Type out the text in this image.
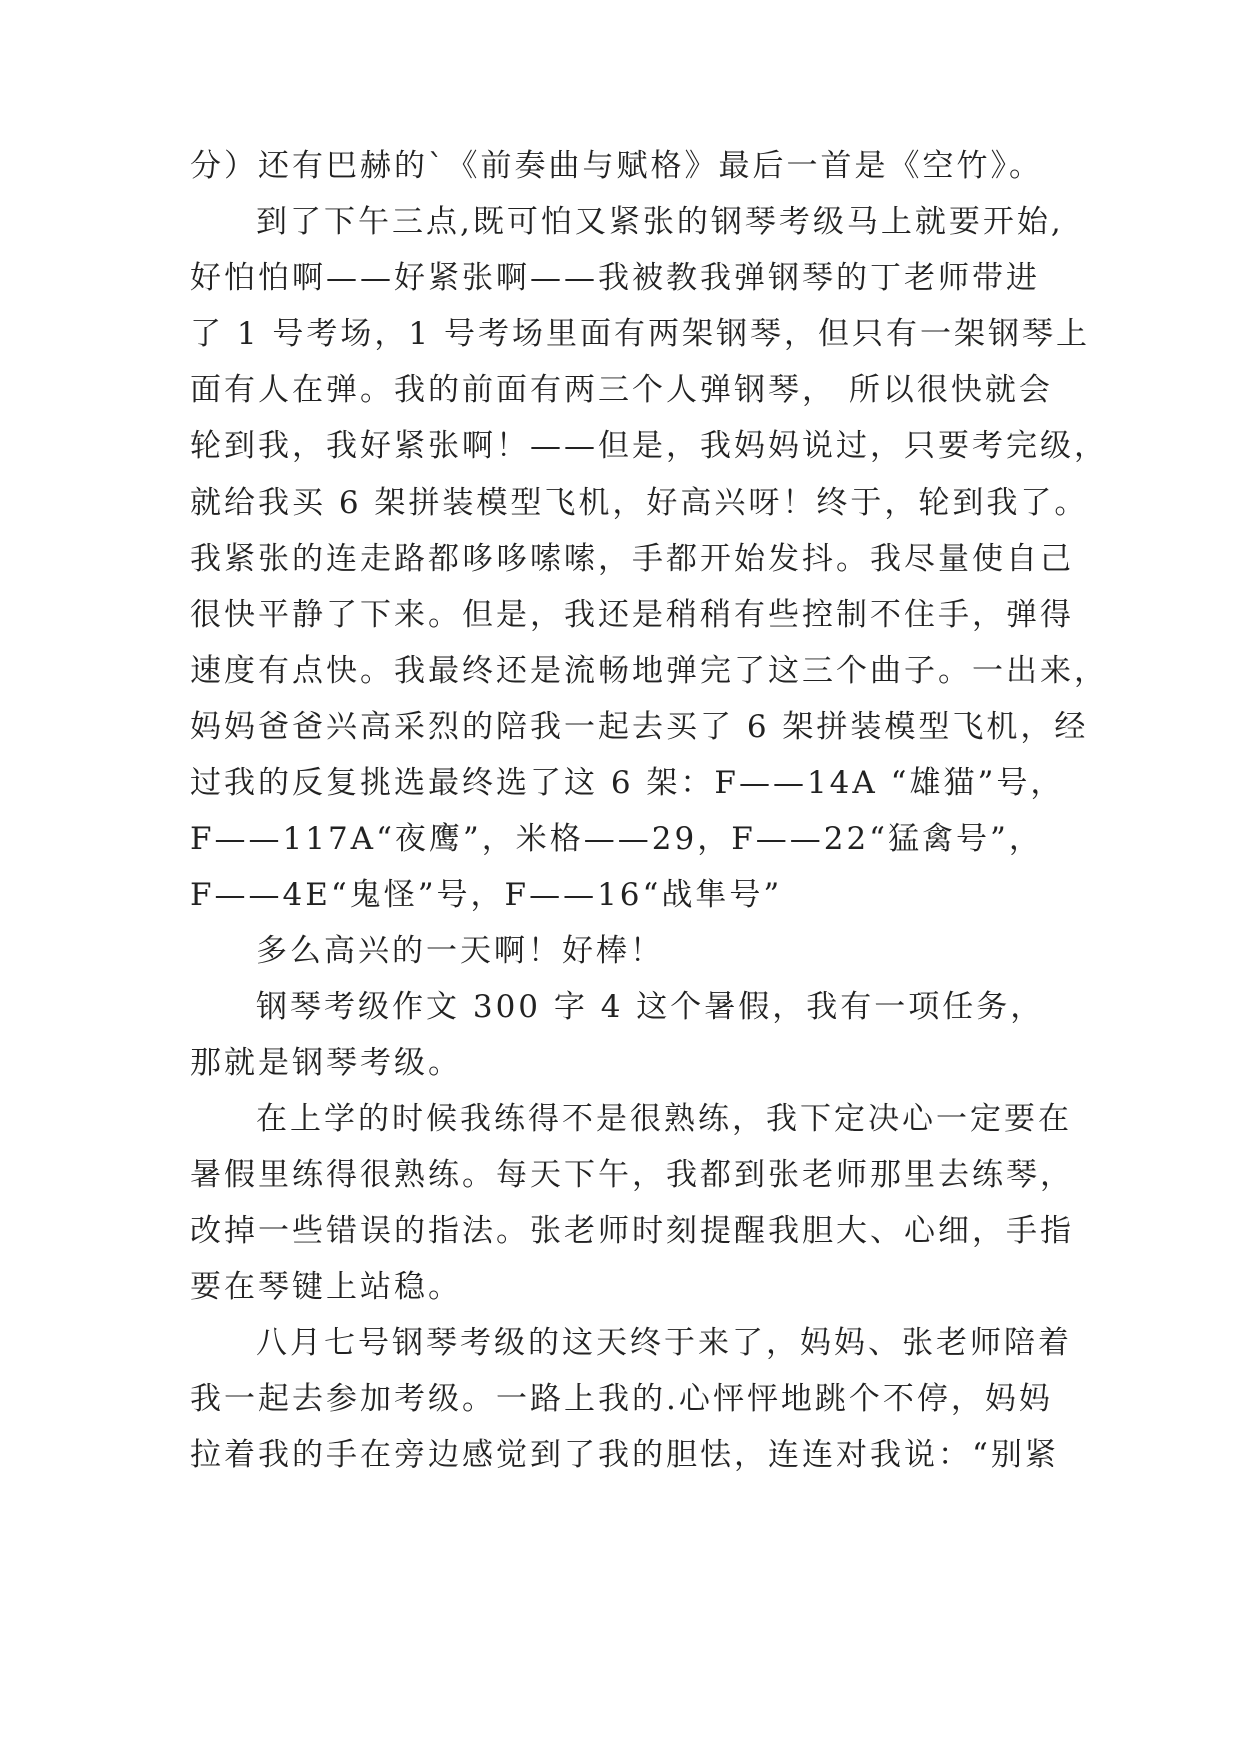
分）还有巴赫的`《前奏曲与赋格》最后一首是《空竹》。
到了下午三点,既可怕又紧张的钢琴考级马上就要开始,
好怕怕啊——好紧张啊——我被教我弹钢琴的丁老师带进
了 1 号考场，1 号考场里面有两架钢琴，但只有一架钢琴上
面有人在弹。我的前面有两三个人弹钢琴， 所以很快就会
轮到我，我好紧张啊！——但是，我妈妈说过，只要考完级，
就给我买 6 架拼装模型飞机，好高兴呀！终于，轮到我了。
我紧张的连走路都哆哆嗦嗦，手都开始发抖。我尽量使自己
很快平静了下来。但是，我还是稍稍有些控制不住手，弹得
速度有点快。我最终还是流畅地弹完了这三个曲子。一出来，
妈妈爸爸兴高采烈的陪我一起去买了 6 架拼装模型飞机，经
过我的反复挑选最终选了这 6 架：F——14A “雄猫”号，
F——117A“夜鹰”，米格——29，F——22“猛禽号”，
F——4E“鬼怪”号，F——16“战隼号”
多么高兴的一天啊！好棒！
钢琴考级作文 300 字 4 这个暑假，我有一项任务，
那就是钢琴考级。
在上学的时候我练得不是很熟练，我下定决心一定要在
暑假里练得很熟练。每天下午，我都到张老师那里去练琴，
改掉一些错误的指法。张老师时刻提醒我胆大、心细，手指
要在琴键上站稳。
八月七号钢琴考级的这天终于来了，妈妈、张老师陪着
我一起去参加考级。一路上我的.心怦怦地跳个不停，妈妈
拉着我的手在旁边感觉到了我的胆怯，连连对我说：“别紧
